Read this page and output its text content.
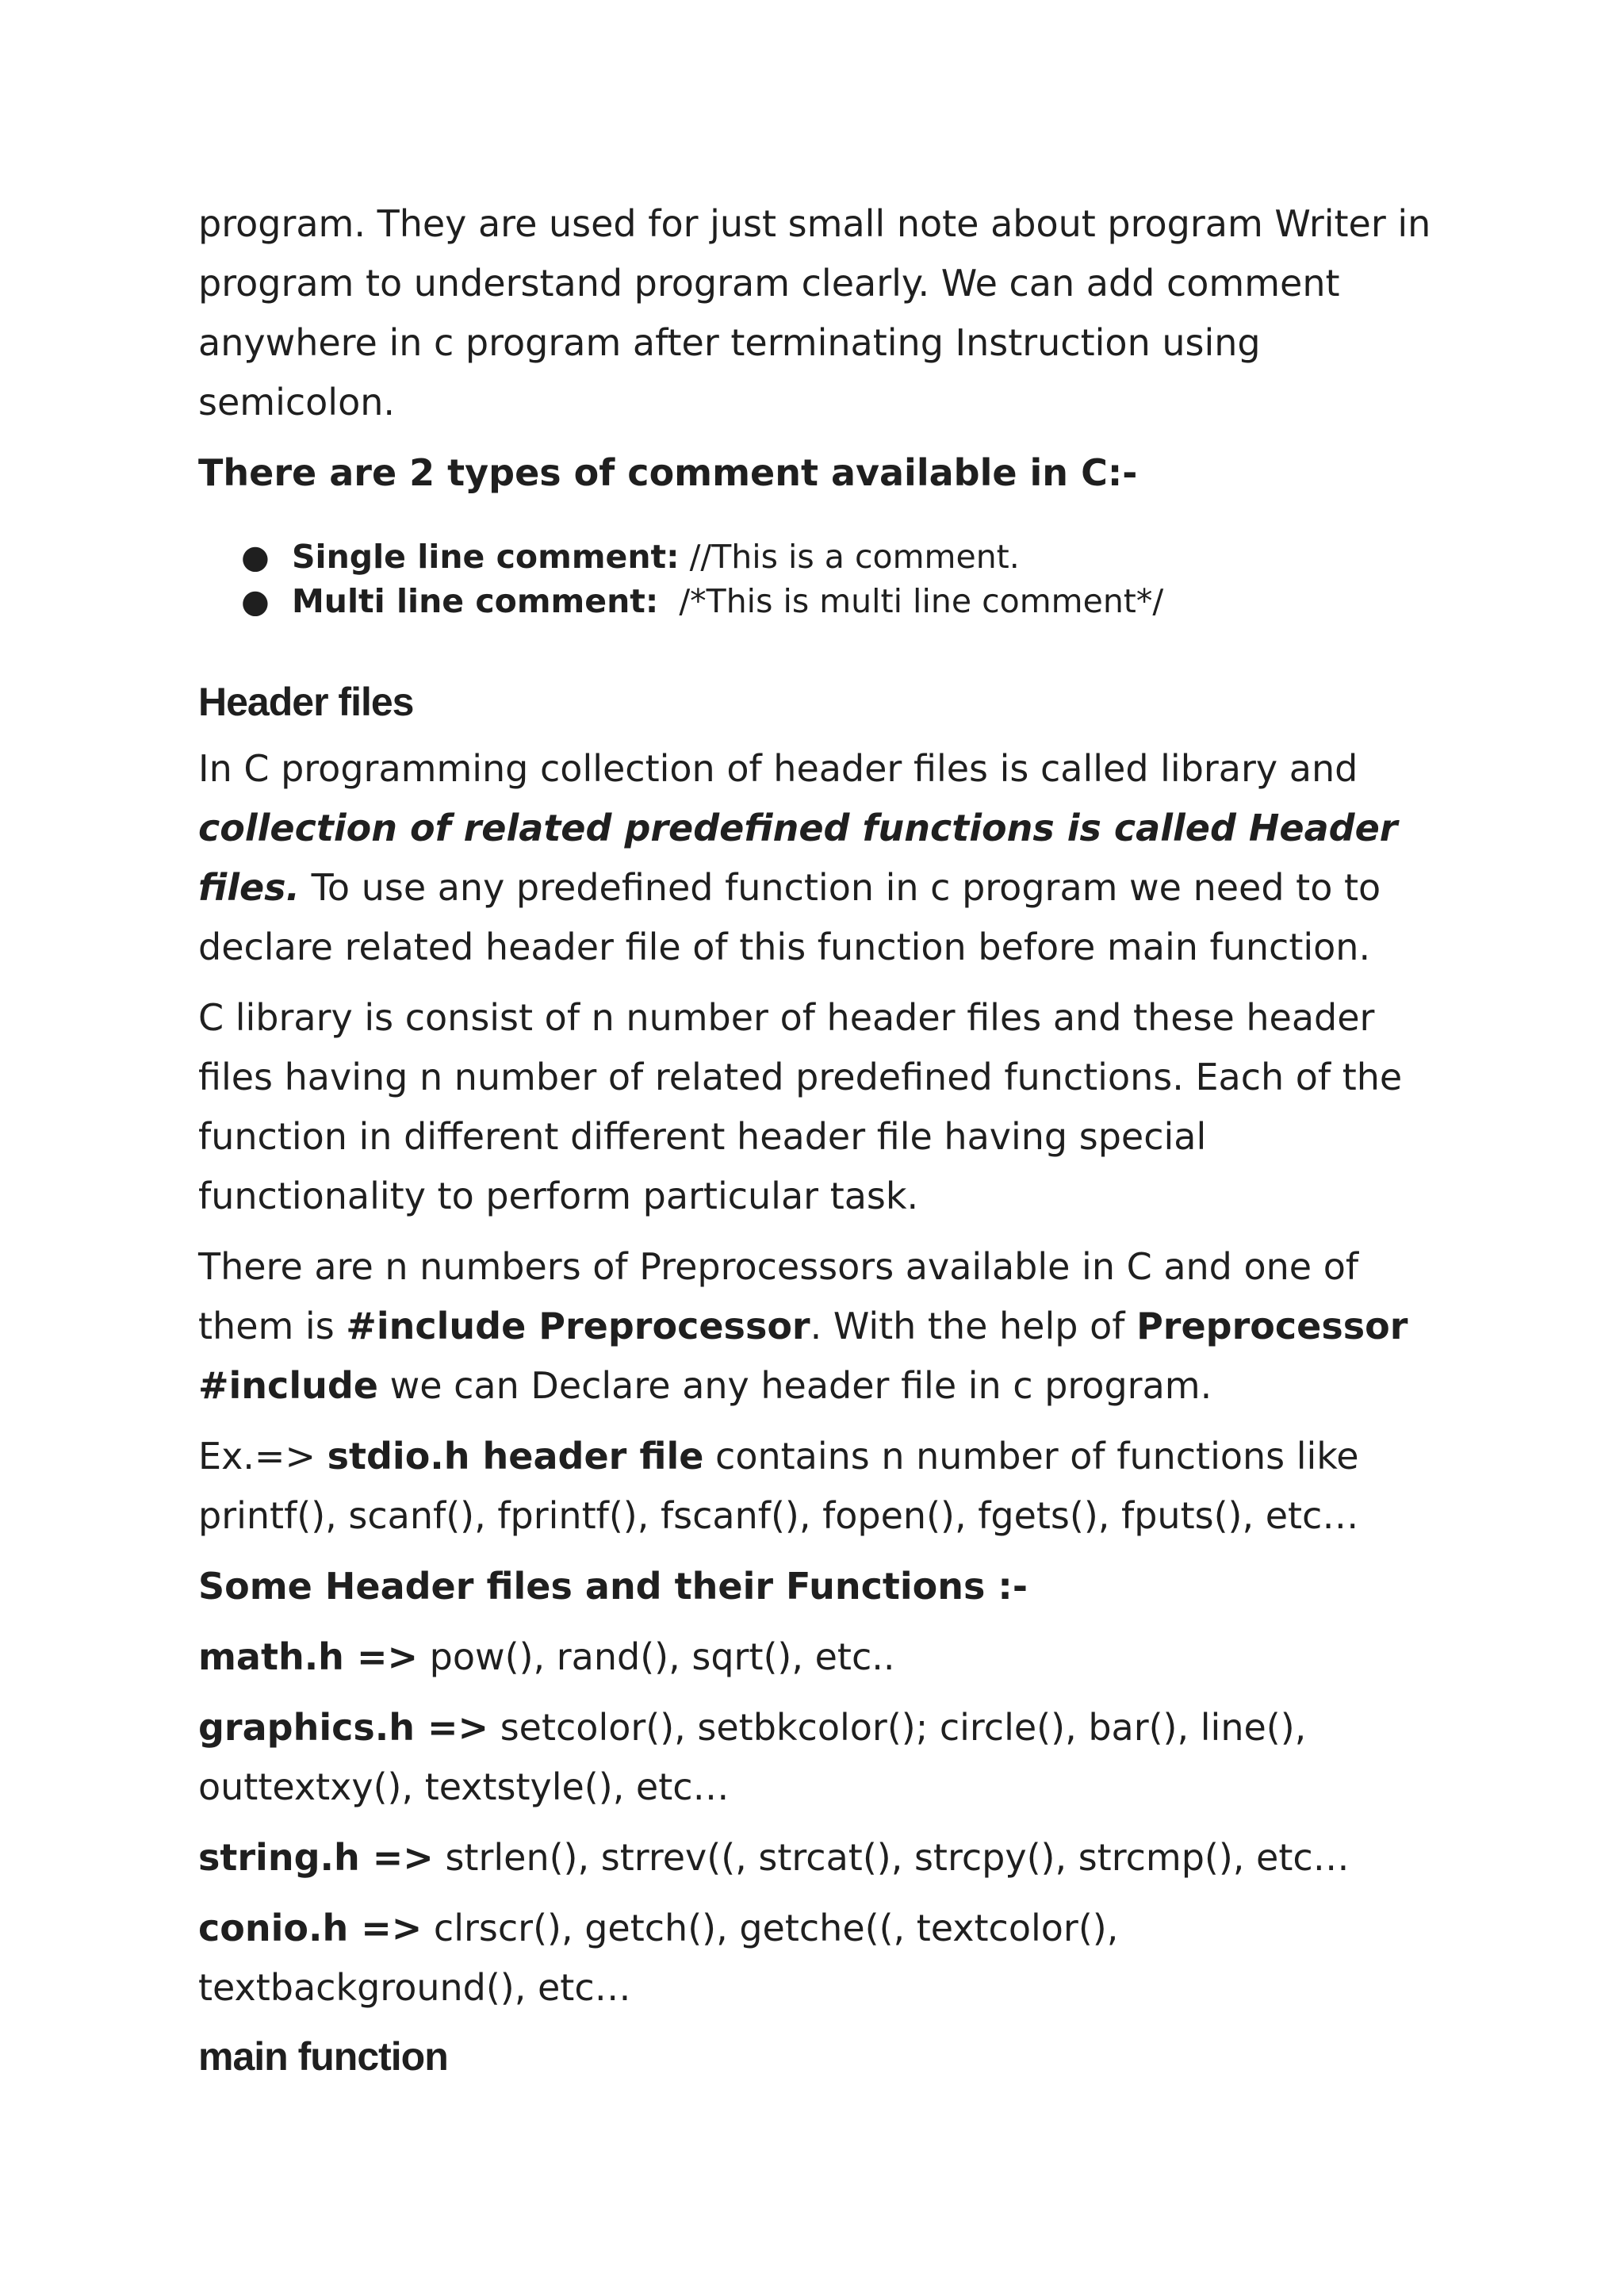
program. They are used for just small note about program Writer in program to understand program clearly. We can add comment anywhere in c program after terminating Instruction using semicolon.

There are 2 types of comment available in C:-

● Single line comment: //This is a comment.
● Multi line comment:  /*This is multi line comment*/
Header files

In C programming collection of header files is called library and collection of related predefined functions is called Header files. To use any predefined function in c program we need to to declare related header file of this function before main function.

C library is consist of n number of header files and these header files having n number of related predefined functions. Each of the function in different different header file having special functionality to perform particular task.

There are n numbers of Preprocessors available in C and one of them is #include Preprocessor. With the help of Preprocessor #include we can Declare any header file in c program.

Ex.=> stdio.h header file contains n number of functions like printf(), scanf(), fprintf(), fscanf(), fopen(), fgets(), fputs(), etc…

Some Header files and their Functions :-

math.h => pow(), rand(), sqrt(), etc..

graphics.h => setcolor(), setbkcolor(); circle(), bar(), line(), outtextxy(), textstyle(), etc…

string.h => strlen(), strrev((, strcat(), strcpy(), strcmp(), etc…

conio.h => clrscr(), getch(), getche((, textcolor(), textbackground(), etc…

main function
